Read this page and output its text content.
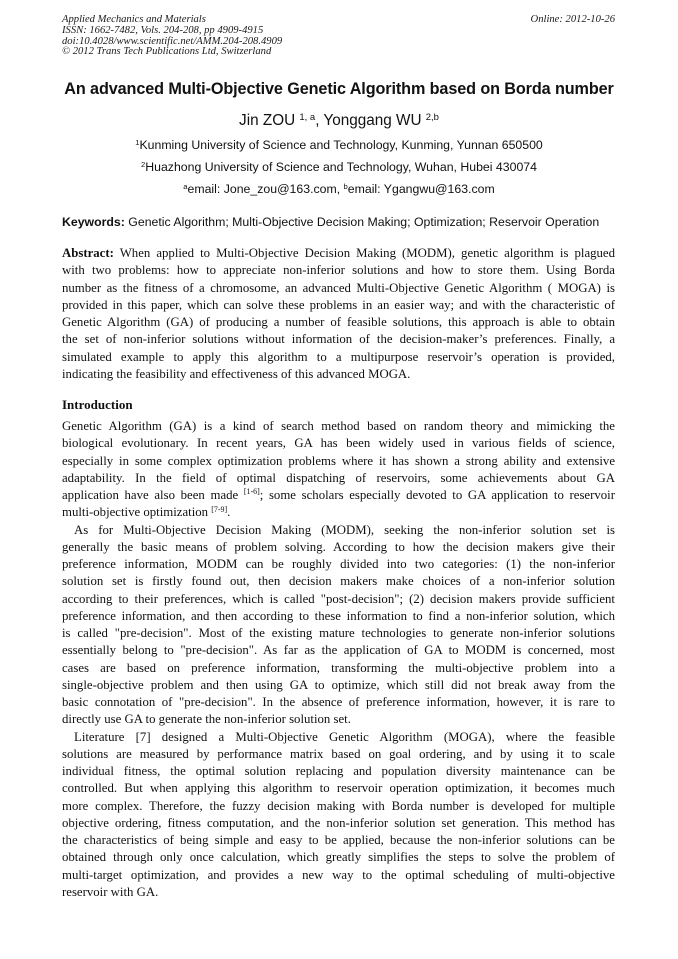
Applied Mechanics and Materials
ISSN: 1662-7482, Vols. 204-208, pp 4909-4915
doi:10.4028/www.scientific.net/AMM.204-208.4909
© 2012 Trans Tech Publications Ltd, Switzerland
Online: 2012-10-26
An advanced Multi-Objective Genetic Algorithm based on Borda number
Jin ZOU $^{1, a}$, Yonggang WU $^{2,b}$
$^1$Kunming University of Science and Technology, Kunming, Yunnan 650500
$^2$Huazhong University of Science and Technology, Wuhan, Hubei 430074
$^a$email: Jone_zou@163.com, $^b$email: Ygangwu@163.com
Keywords: Genetic Algorithm; Multi-Objective Decision Making; Optimization; Reservoir Operation
Abstract: When applied to Multi-Objective Decision Making (MODM), genetic algorithm is plagued
with two problems: how to appreciate non-inferior solutions and how to store them. Using Borda
number as the fitness of a chromosome, an advanced Multi-Objective Genetic Algorithm ( MOGA) is
provided in this paper, which can solve these problems in an easier way; and with the characteristic of
Genetic Algorithm (GA) of producing a number of feasible solutions, this approach is able to obtain
the set of non-inferior solutions without information of the decision-maker’s preferences. Finally, a
simulated example to apply this algorithm to a multipurpose reservoir’s operation is provided,
indicating the feasibility and effectiveness of this advanced MOGA.
Introduction
Genetic Algorithm (GA) is a kind of search method based on random theory and mimicking the
biological evolutionary. In recent years, GA has been widely used in various fields of science,
especially in some complex optimization problems where it has shown a strong ability and extensive
adaptability. In the field of optimal dispatching of reservoirs, some achievements about GA
application have also been made [1-6]; some scholars especially devoted to GA application to reservoir
multi-objective optimization [7-9].
As for Multi-Objective Decision Making (MODM), seeking the non-inferior solution set is
generally the basic means of problem solving. According to how the decision makers give their
preference information, MODM can be roughly divided into two categories: (1) the non-inferior
solution set is firstly found out, then decision makers make choices of a non-inferior solution
according to their preferences, which is called "post-decision"; (2) decision makers provide sufficient
preference information, and then according to these information to find a non-inferior solution, which
is called "pre-decision". Most of the existing mature technologies to generate non-inferior solutions
essentially belong to "pre-decision". As far as the application of GA to MODM is concerned, most
cases are based on preference information, transforming the multi-objective problem into a
single-objective problem and then using GA to optimize, which still did not break away from the
basic connotation of "pre-decision". In the absence of preference information, however, it is rare to
directly use GA to generate the non-inferior solution set.
Literature [7] designed a Multi-Objective Genetic Algorithm (MOGA), where the feasible
solutions are measured by performance matrix based on goal ordering, and by using it to scale
individual fitness, the optimal solution replacing and population diversity maintenance can be
controlled. But when applying this algorithm to reservoir operation optimization, it becomes much
more complex. Therefore, the fuzzy decision making with Borda number is developed for multiple
objective ordering, fitness computation, and the non-inferior solution set generation. This method has
the characteristics of being simple and easy to be applied, because the non-inferior solutions can be
obtained through only once calculation, which greatly simplifies the steps to solve the problem of
multi-target optimization, and provides a new way to the optimal scheduling of multi-objective
reservoir with GA.
